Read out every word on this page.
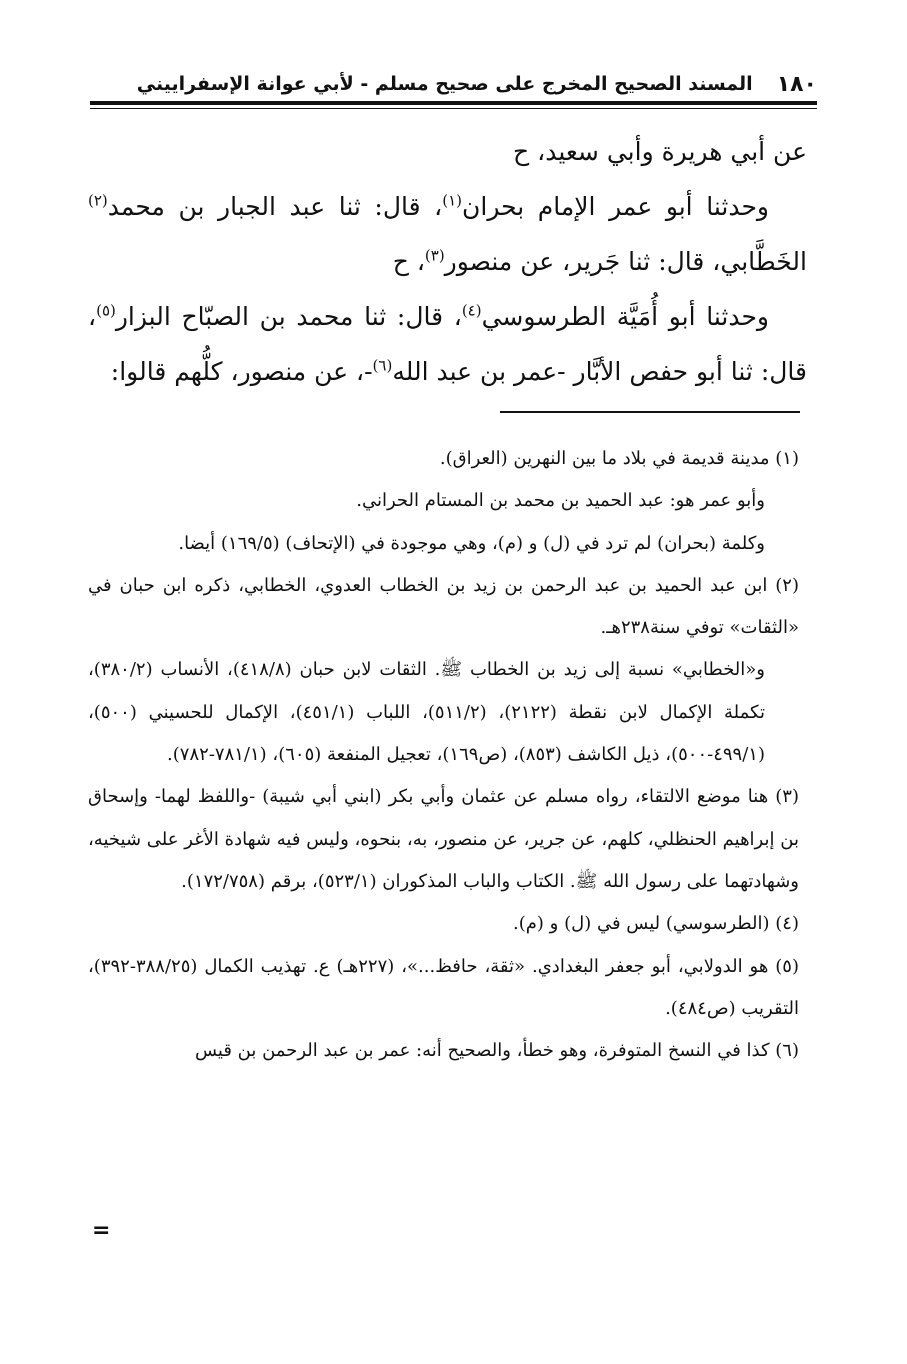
١٨٠
المسند الصحيح المخرج على صحيح مسلم - لأبي عوانة الإسفراييني

عن أبي هريرة وأبي سعيد، ح

وحدثنا أبو عمر الإمام بحران$^{(١)}$، قال: ثنا عبد الجبار بن محمد$^{(٢)}$ الخَطَّابي، قال: ثنا جَرير، عن منصور$^{(٣)}$، ح

وحدثنا أبو أُمَيَّة الطرسوسي$^{(٤)}$، قال: ثنا محمد بن الصبّاح البزار$^{(٥)}$، قال: ثنا أبو حفص الأبَّار -عمر بن عبد الله$^{(٦)}$-، عن منصور، كلُّهم قالوا:

(١) مدينة قديمة في بلاد ما بين النهرين (العراق).

وأبو عمر هو: عبد الحميد بن محمد بن المستام الحراني.

وكلمة (بحران) لم ترد في (ل) و (م)، وهي موجودة في (الإتحاف) (١٦٩/٥) أيضا.

(٢) ابن عبد الحميد بن عبد الرحمن بن زيد بن الخطاب العدوي، الخطابي، ذكره ابن حبان في «الثقات» توفي سنة٢٣٨هـ.

و«الخطابي» نسبة إلى زيد بن الخطاب ﷺ. الثقات لابن حبان (٤١٨/٨)، الأنساب (٣٨٠/٢)، تكملة الإكمال لابن نقطة (٢١٢٢)، (٥١١/٢)، اللباب (٤٥١/١)، الإكمال للحسيني (٥٠٠)، (٤٩٩/١-٥٠٠)، ذيل الكاشف (٨٥٣)، (ص١٦٩)، تعجيل المنفعة (٦٠٥)، (٧٨١/١-٧٨٢).

(٣) هنا موضع الالتقاء، رواه مسلم عن عثمان وأبي بكر (ابني أبي شيبة) -واللفظ لهما- وإسحاق بن إبراهيم الحنظلي، كلهم، عن جرير، عن منصور، به، بنحوه، وليس فيه شهادة الأغر على شيخيه، وشهادتهما على رسول الله ﷺ. الكتاب والباب المذكوران (٥٢٣/١)، برقم (١٧٢/٧٥٨).

(٤) (الطرسوسي) ليس في (ل) و (م).

(٥) هو الدولابي، أبو جعفر البغدادي. «ثقة، حافظ...»، (٢٢٧هـ) ع. تهذيب الكمال (٣٨٨/٢٥-٣٩٢)، التقريب (ص٤٨٤).

(٦) كذا في النسخ المتوفرة، وهو خطأ، والصحيح أنه: عمر بن عبد الرحمن بن قيس

=
